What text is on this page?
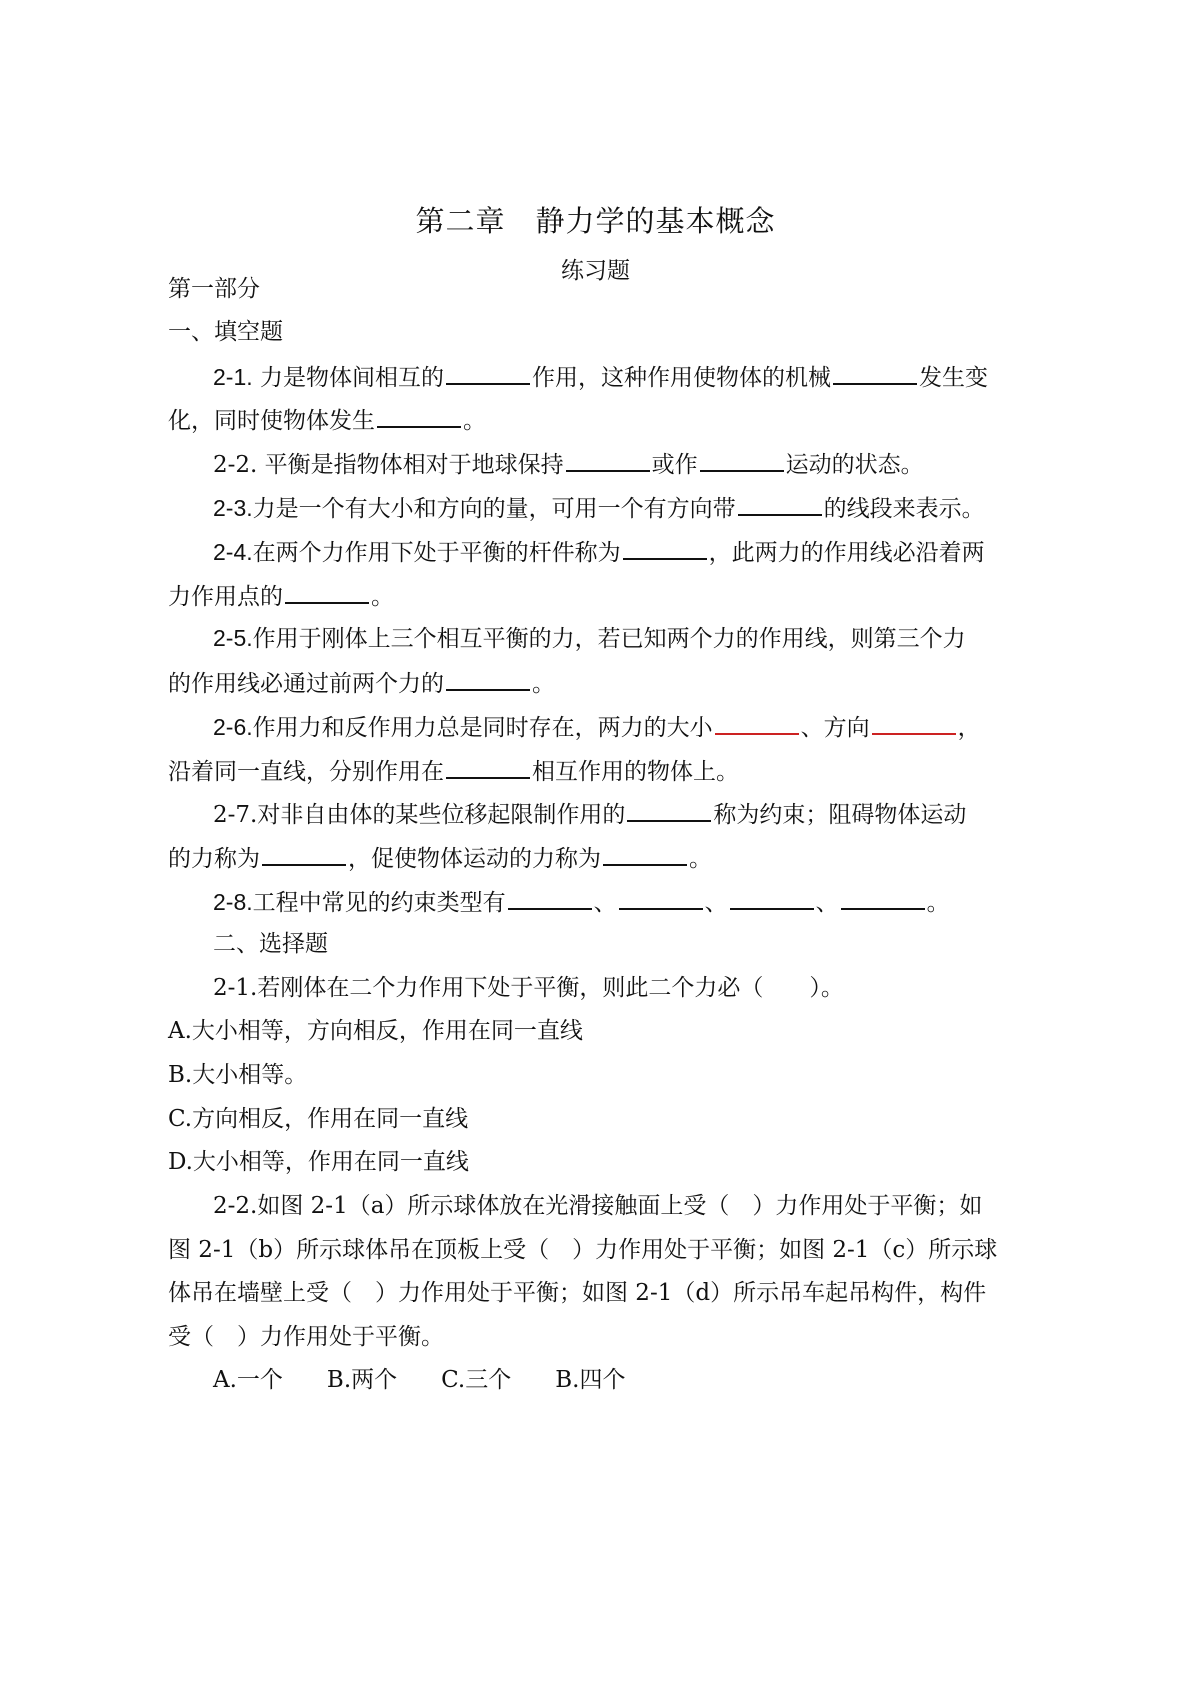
第二章　静力学的基本概念
练习题
第一部分
一、填空题
2-1. 力是物体间相互的	作用，这种作用使物体的机械	发生变
化，同时使物体发生	。
2-2. 平衡是指物体相对于地球保持	或作	运动的状态。
2-3.力是一个有大小和方向的量，可用一个有方向带	的线段来表示。
2-4.在两个力作用下处于平衡的杆件称为	，此两力的作用线必沿着两
力作用点的	。
2-5.作用于刚体上三个相互平衡的力，若已知两个力的作用线，则第三个力
的作用线必通过前两个力的	。
2-6.作用力和反作用力总是同时存在，两力的大小	、方向	，
沿着同一直线，分别作用在	相互作用的物体上。
2-7.对非自由体的某些位移起限制作用的	称为约束；阻碍物体运动
的力称为	，促使物体运动的力称为	。
2-8.工程中常见的约束类型有	、	、	、	。
二、选择题
2-1.若刚体在二个力作用下处于平衡，则此二个力必（　　）。
A.大小相等，方向相反，作用在同一直线
B.大小相等。
C.方向相反，作用在同一直线
D.大小相等，作用在同一直线
2-2.如图 2-1（a）所示球体放在光滑接触面上受（　）力作用处于平衡；如
图 2-1（b）所示球体吊在顶板上受（　）力作用处于平衡；如图 2-1（c）所示球
体吊在墙壁上受（　）力作用处于平衡；如图 2-1（d）所示吊车起吊构件，构件
受（　）力作用处于平衡。
A.一个 B.两个 C.三个 B.四个
